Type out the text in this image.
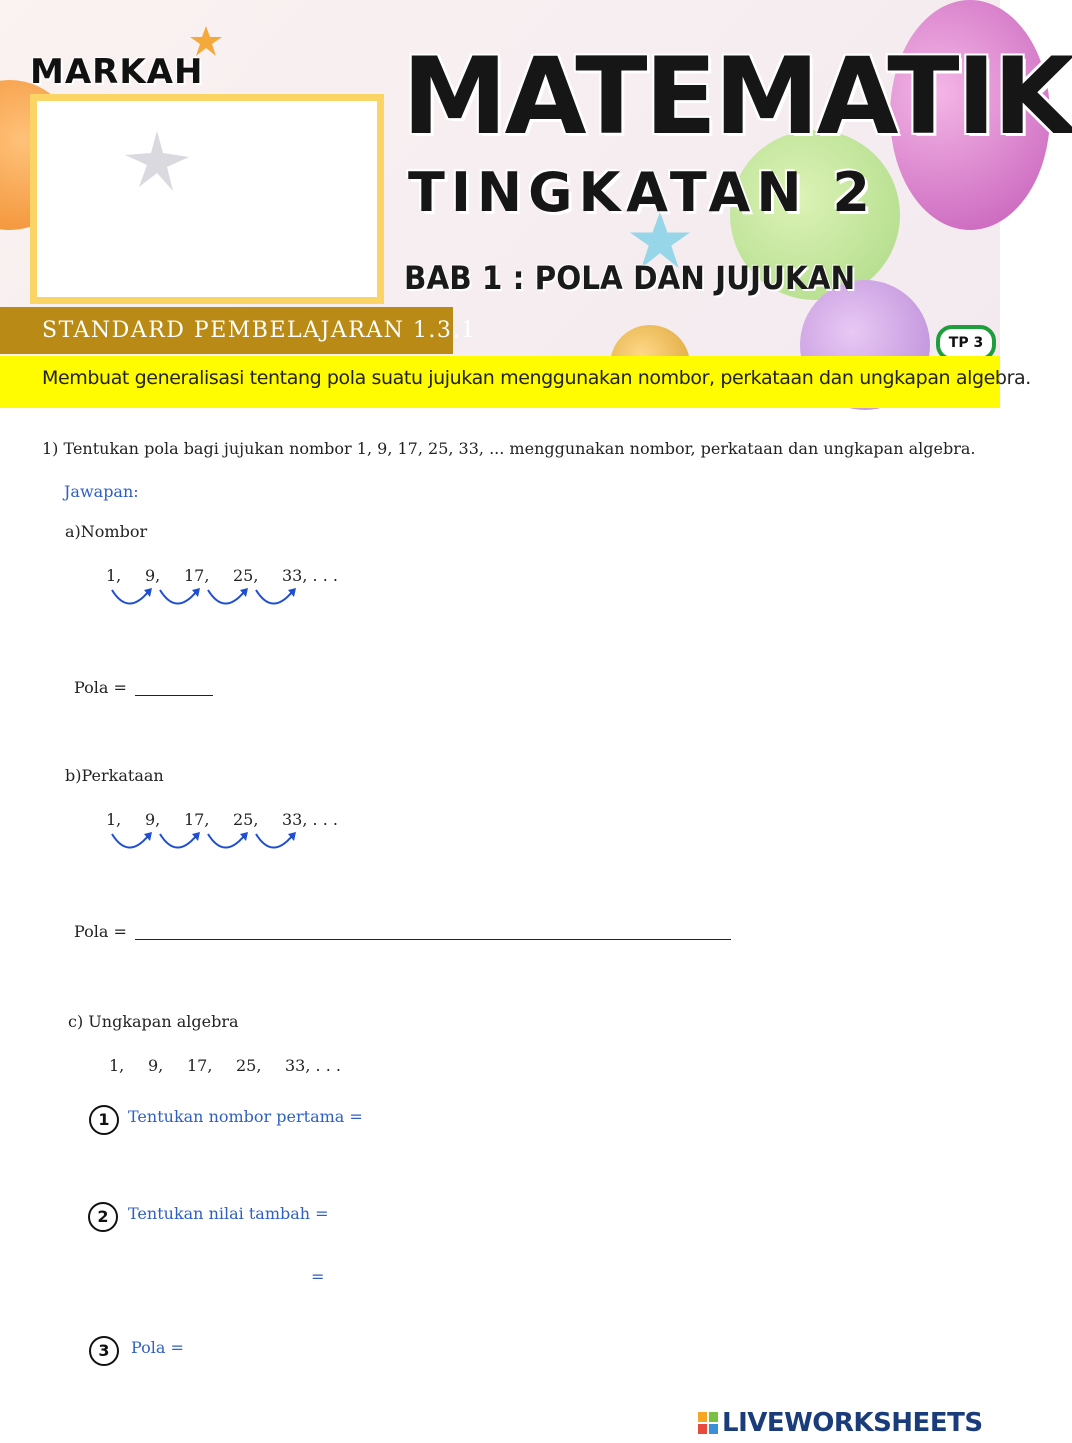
MARKAH MATEMATIK
TINGKATAN 2
BAB 1 : POLA DAN JUJUKAN
STANDARD PEMBELAJARAN 1.3.1	TP 3
Membuat generalisasi tentang pola suatu jujukan menggunakan nombor, perkataan dan ungkapan algebra.
1) Tentukan pola bagi jujukan nombor 1, 9, 17, 25, 33, ... menggunakan nombor, perkataan dan ungkapan algebra.
Jawapan:
a)Nombor
1, 9, 17, 25, 33, . . .
Pola =
b)Perkataan
1, 9, 17, 25, 33, . . .
Pola =
c) Ungkapan algebra
1, 9, 17, 25, 33, . . .
1	Tentukan nombor pertama =
2	Tentukan nilai tambah =
=
3	Pola =
LIVEWORKSHEETS
